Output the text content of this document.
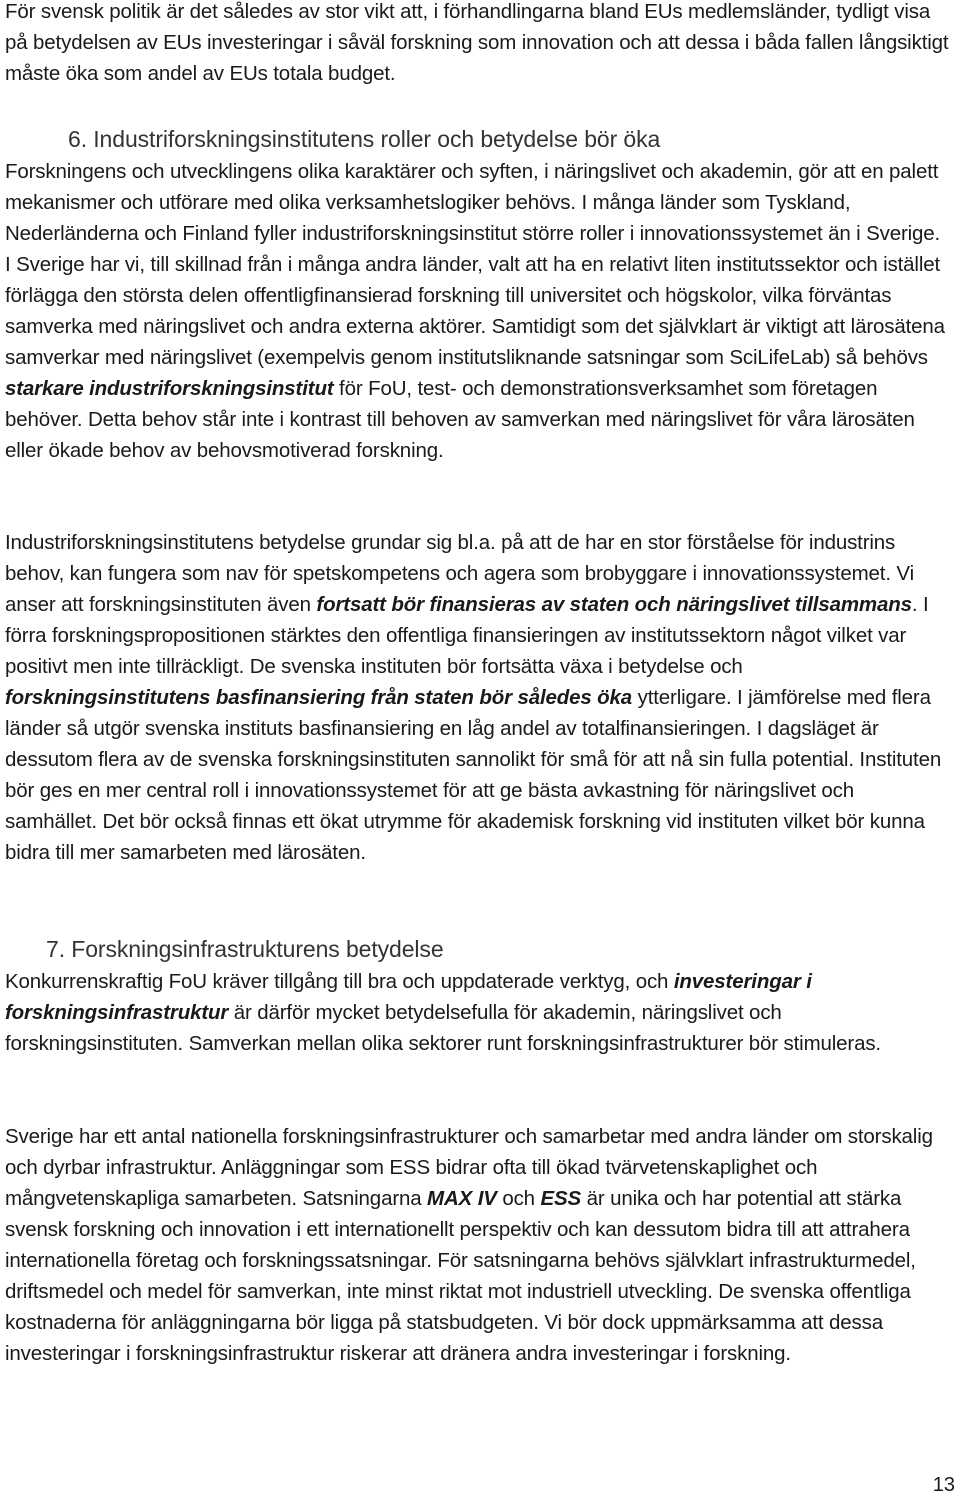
För svensk politik är det således av stor vikt att, i förhandlingarna bland EUs medlemsländer, tydligt visa på betydelsen av EUs investeringar i såväl forskning som innovation och att dessa i båda fallen långsiktigt måste öka som andel av EUs totala budget.

6. Industriforskningsinstitutens roller och betydelse bör öka

Forskningens och utvecklingens olika karaktärer och syften, i näringslivet och akademin, gör att en palett mekanismer och utförare med olika verksamhetslogiker behövs. I många länder som Tyskland, Nederländerna och Finland fyller industriforskningsinstitut större roller i innovationssystemet än i Sverige. I Sverige har vi, till skillnad från i många andra länder, valt att ha en relativt liten institutssektor och istället förlägga den största delen offentligfinansierad forskning till universitet och högskolor, vilka förväntas samverka med näringslivet och andra externa aktörer. Samtidigt som det självklart är viktigt att lärosätena samverkar med näringslivet (exempelvis genom institutsliknande satsningar som SciLifeLab) så behövs starkare industriforskningsinstitut för FoU, test- och demonstrationsverksamhet som företagen behöver. Detta behov står inte i kontrast till behoven av samverkan med näringslivet för våra lärosäten eller ökade behov av behovsmotiverad forskning.

Industriforskningsinstitutens betydelse grundar sig bl.a. på att de har en stor förståelse för industrins behov, kan fungera som nav för spetskompetens och agera som brobyggare i innovationssystemet. Vi anser att forskningsinstituten även fortsatt bör finansieras av staten och näringslivet tillsammans. I förra forskningspropositionen stärktes den offentliga finansieringen av institutssektorn något vilket var positivt men inte tillräckligt. De svenska instituten bör fortsätta växa i betydelse och forskningsinstitutens basfinansiering från staten bör således öka ytterligare. I jämförelse med flera länder så utgör svenska instituts basfinansiering en låg andel av totalfinansieringen. I dagsläget är dessutom flera av de svenska forskningsinstituten sannolikt för små för att nå sin fulla potential. Instituten bör ges en mer central roll i innovationssystemet för att ge bästa avkastning för näringslivet och samhället. Det bör också finnas ett ökat utrymme för akademisk forskning vid instituten vilket bör kunna bidra till mer samarbeten med lärosäten.

7. Forskningsinfrastrukturens betydelse

Konkurrenskraftig FoU kräver tillgång till bra och uppdaterade verktyg, och investeringar i forskningsinfrastruktur är därför mycket betydelsefulla för akademin, näringslivet och forskningsinstituten. Samverkan mellan olika sektorer runt forskningsinfrastrukturer bör stimuleras.

Sverige har ett antal nationella forskningsinfrastrukturer och samarbetar med andra länder om storskalig och dyrbar infrastruktur. Anläggningar som ESS bidrar ofta till ökad tvärvetenskaplighet och mångvetenskapliga samarbeten. Satsningarna MAX IV och ESS är unika och har potential att stärka svensk forskning och innovation i ett internationellt perspektiv och kan dessutom bidra till att attrahera internationella företag och forskningssatsningar. För satsningarna behövs självklart infrastrukturmedel, driftsmedel och medel för samverkan, inte minst riktat mot industriell utveckling. De svenska offentliga kostnaderna för anläggningarna bör ligga på statsbudgeten. Vi bör dock uppmärksamma att dessa investeringar i forskningsinfrastruktur riskerar att dränera andra investeringar i forskning.

13
